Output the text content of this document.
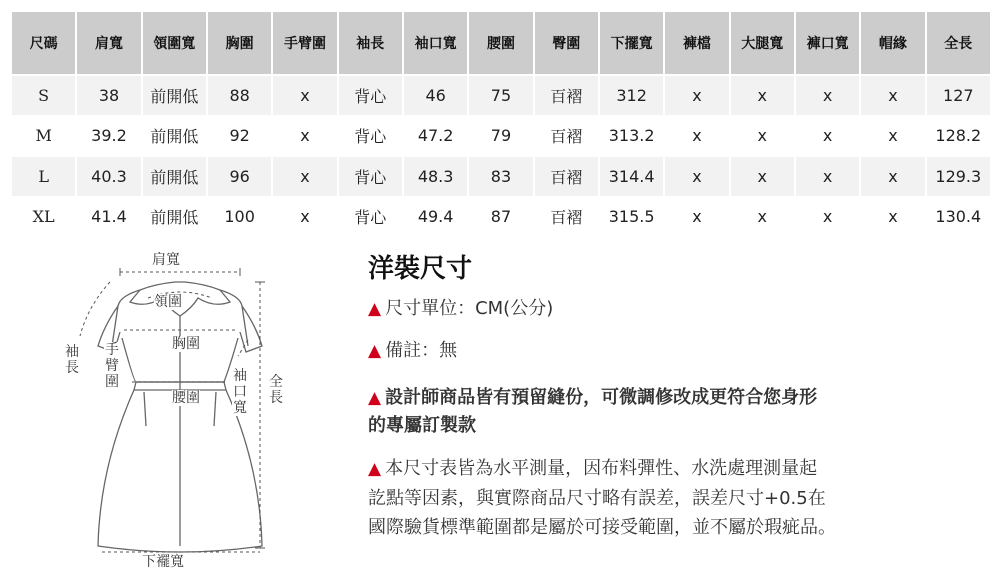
尺碼	肩寬	領圍寬	胸圍	手臂圍	袖長	袖口寬	腰圍	臀圍	下擺寬	褲檔	大腿寬	褲口寬	帽緣	全長
S	38	前開低	88	x	背心	46	75	百褶	312	x	x	x	x	127
M	39.2	前開低	92	x	背心	47.2	79	百褶	313.2	x	x	x	x	128.2
L	40.3	前開低	96	x	背心	48.3	83	百褶	314.4	x	x	x	x	129.3
XL	41.4	前開低	100	x	背心	49.4	87	百褶	315.5	x	x	x	x	130.4
肩寬
領圍
袖長
手臂圍
胸圍
袖口寬
腰圍
全長
下襬寬
洋裝尺寸

▲ 尺寸單位：CM(公分)

▲ 備註：無

▲ 設計師商品皆有預留縫份，可微調修改成更符合您身形
的專屬訂製款
▲ 本尺寸表皆為水平測量，因布料彈性、水洗處理測量起
訖點等因素，與實際商品尺寸略有誤差，誤差尺寸+0.5在
國際驗貨標準範圍都是屬於可接受範圍，並不屬於瑕疵品。
